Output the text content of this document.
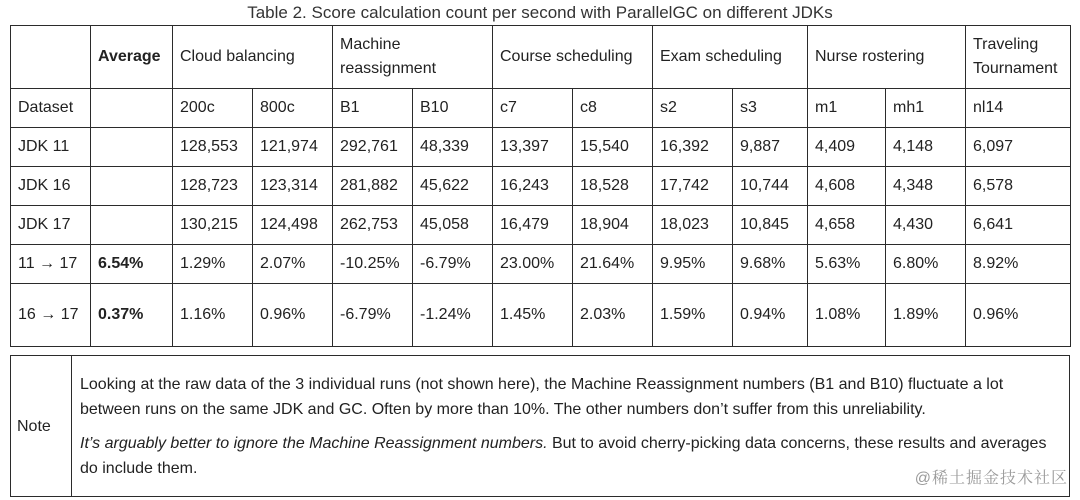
Table 2. Score calculation count per second with ParallelGC on different JDKs
	Average	Cloud balancing		Machine reassignment		Course scheduling		Exam scheduling		Nurse rostering		Traveling Tournament
Dataset		200c	800c	B1	B10	c7	c8	s2	s3	m1	mh1	nl14
JDK 11		128,553	121,974	292,761	48,339	13,397	15,540	16,392	9,887	4,409	4,148	6,097
JDK 16		128,723	123,314	281,882	45,622	16,243	18,528	17,742	10,744	4,608	4,348	6,578
JDK 17		130,215	124,498	262,753	45,058	16,479	18,904	18,023	10,845	4,658	4,430	6,641
11 → 17	6.54%	1.29%	2.07%	-10.25%	-6.79%	23.00%	21.64%	9.95%	9.68%	5.63%	6.80%	8.92%
16 → 17	0.37%	1.16%	0.96%	-6.79%	-1.24%	1.45%	2.03%	1.59%	0.94%	1.08%	1.89%	0.96%
Note	

Looking at the raw data of the 3 individual runs (not shown here), the Machine Reassignment numbers (B1 and B10) fluctuate a lot between runs on the same JDK and GC. Often by more than 10%. The other numbers don’t suffer from this unreliability.

It’s arguably better to ignore the Machine Reassignment numbers. But to avoid cherry-picking data concerns, these results and averages do include them.

@稀土掘金技术社区
